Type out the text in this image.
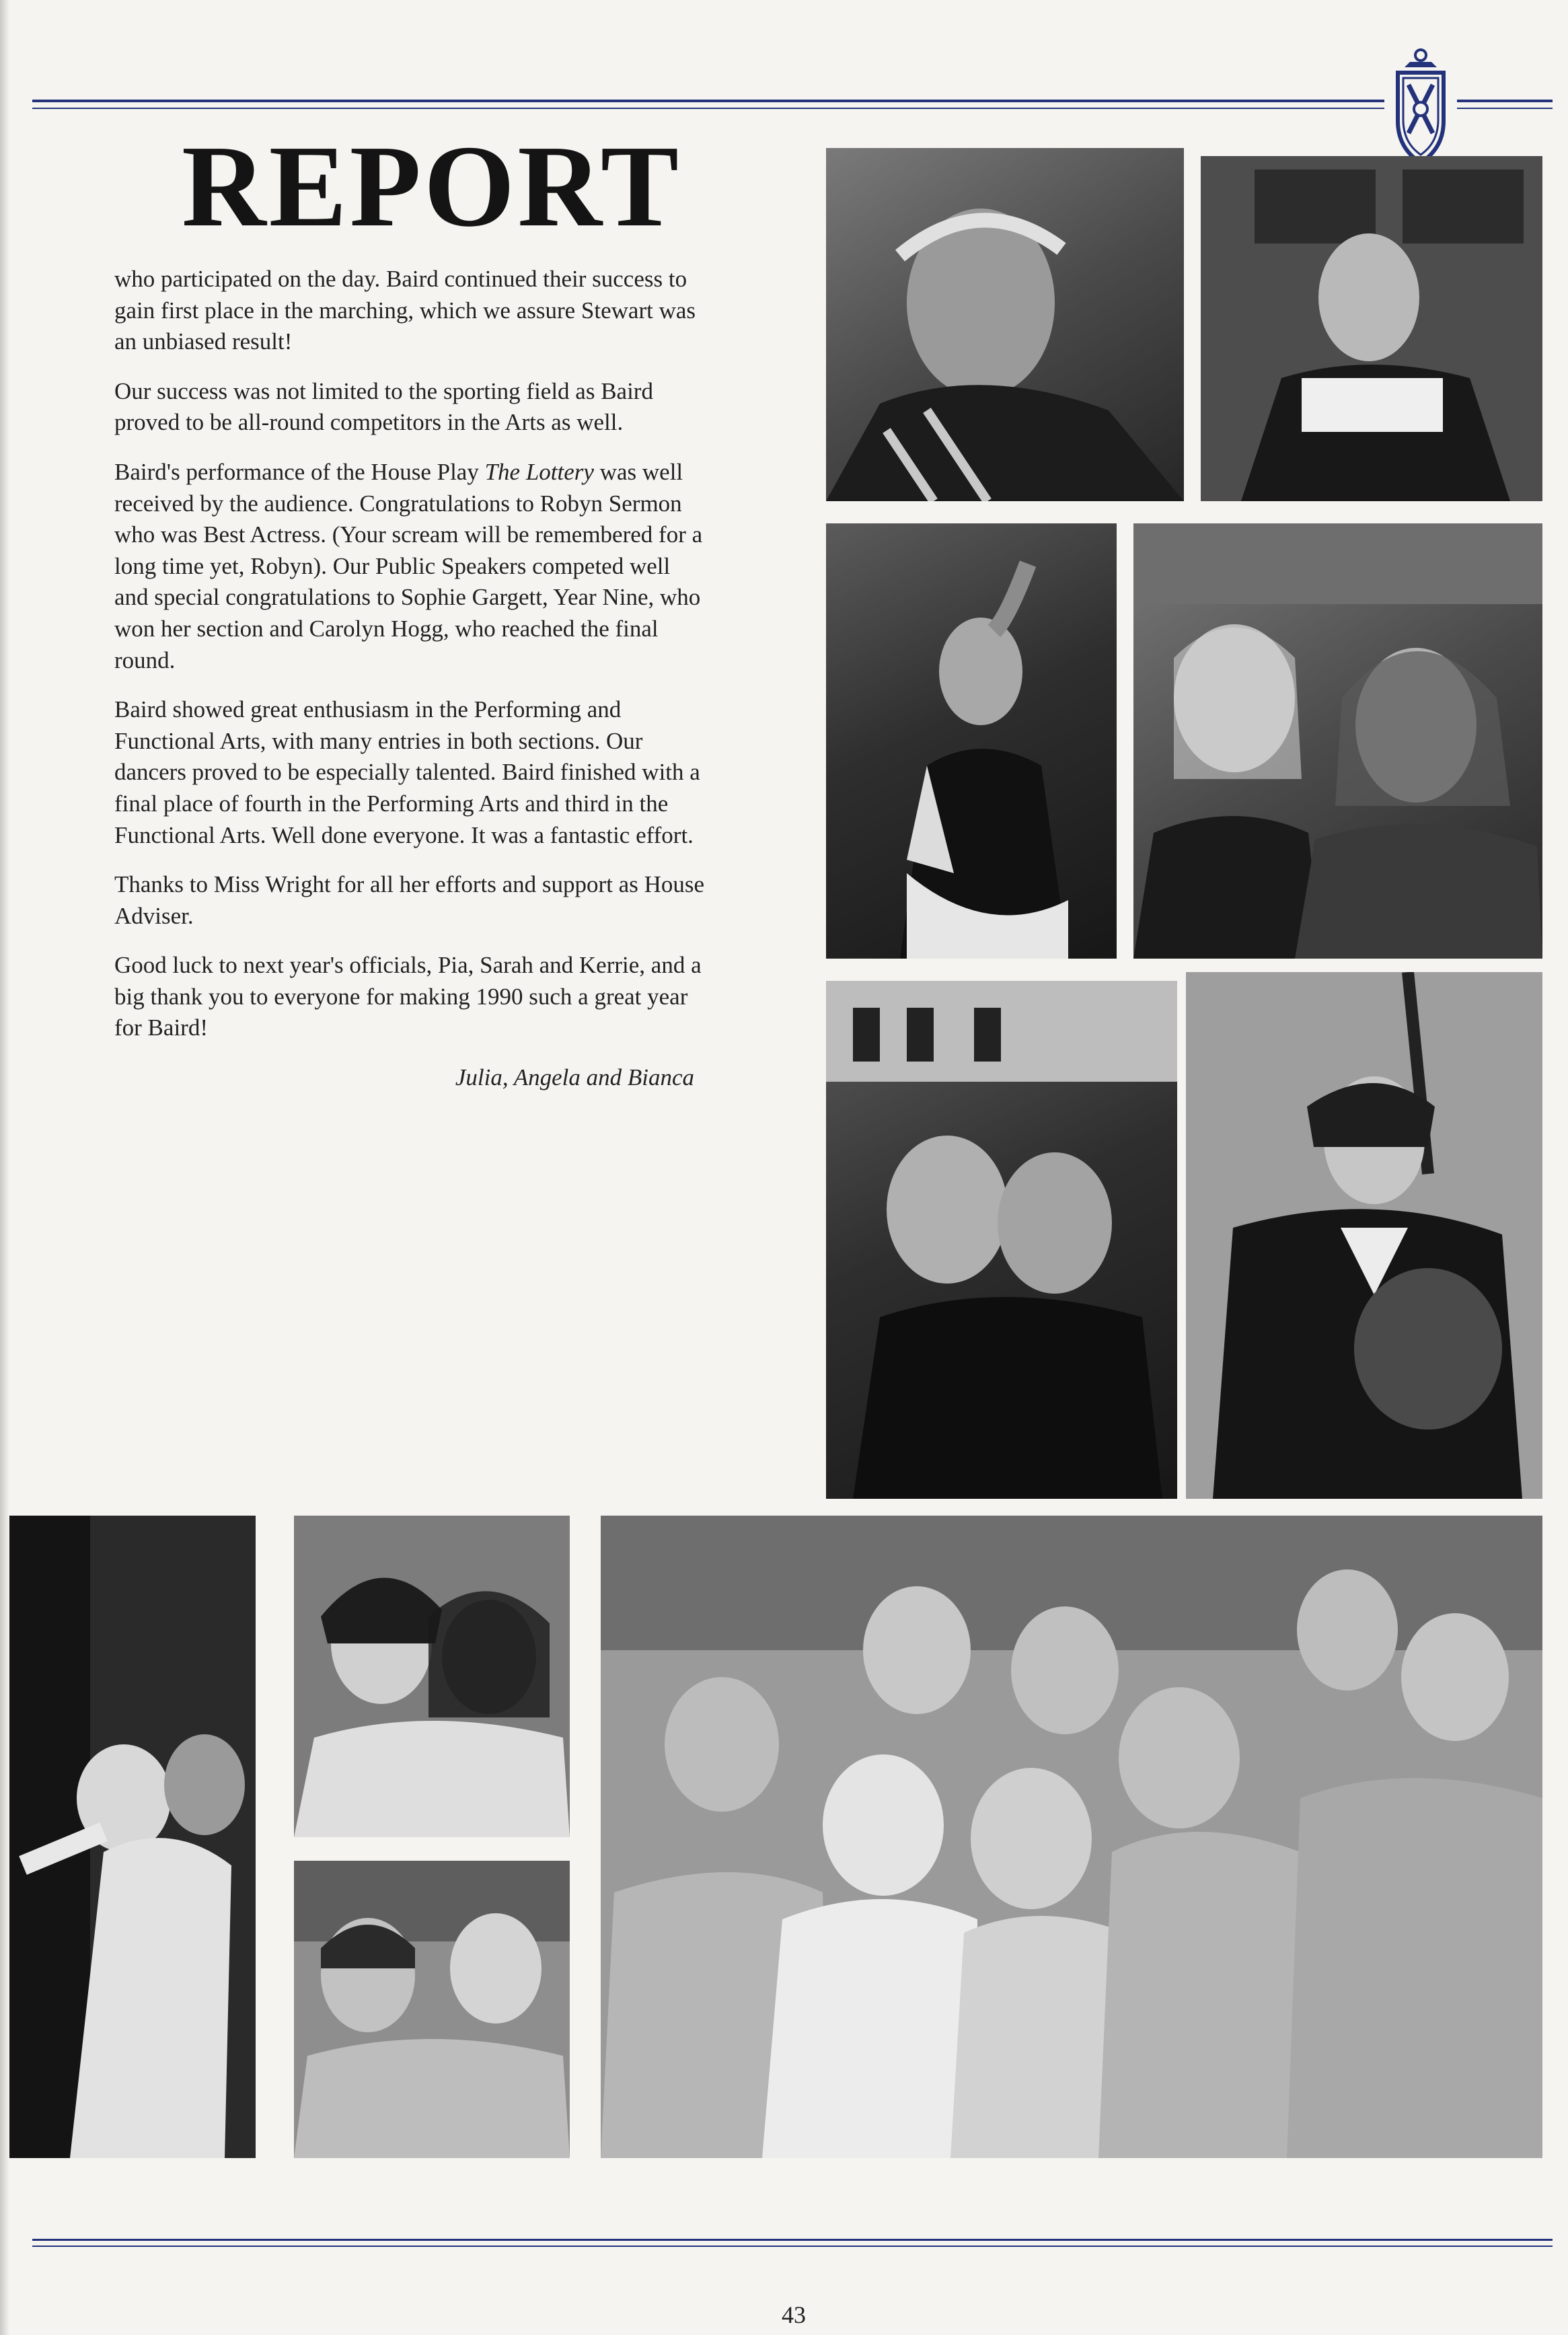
REPORT

who participated on the day. Baird continued their success to gain first place in the marching, which we assure Stewart was an unbiased result!

Our success was not limited to the sporting field as Baird proved to be all-round competitors in the Arts as well.

Baird's performance of the House Play The Lottery was well received by the audience. Congratulations to Robyn Sermon who was Best Actress. (Your scream will be remembered for a long time yet, Robyn). Our Public Speakers competed well and special congratulations to Sophie Gargett, Year Nine, who won her section and Carolyn Hogg, who reached the final round.

Baird showed great enthusiasm in the Performing and Functional Arts, with many entries in both sections. Our dancers proved to be especially talented. Baird finished with a final place of fourth in the Performing Arts and third in the Functional Arts. Well done everyone. It was a fantastic effort.

Thanks to Miss Wright for all her efforts and support as House Adviser.

Good luck to next year's officials, Pia, Sarah and Kerrie, and a big thank you to everyone for making 1990 such a great year for Baird!

Julia, Angela and Bianca

43
